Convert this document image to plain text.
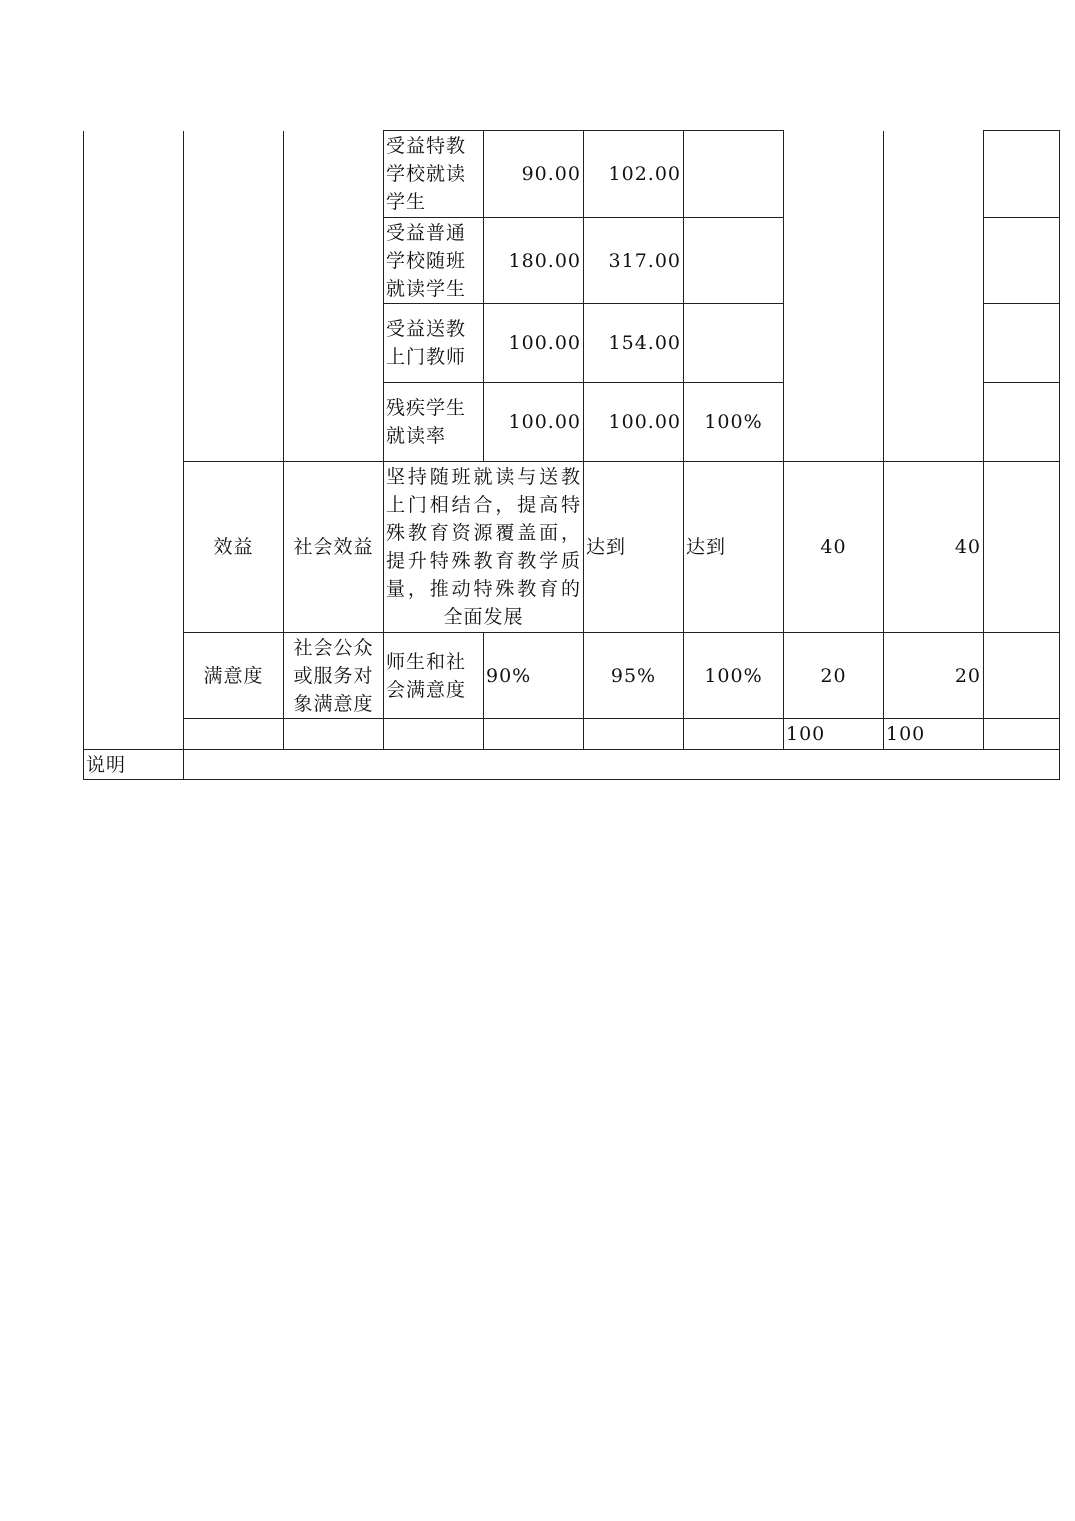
			受益特教学校就读学生	90.00	102.00				
			受益普通学校随班就读学生	180.00	317.00				
			受益送教上门教师	100.00	154.00				
			残疾学生就读率	100.00	100.00	100%			
	效益	社会效益	坚持随班就读与送教上门相结合，提高特殊教育资源覆盖面，提升特殊教育教学质量，推动特殊教育的全面发展		达到	达到	40	40	
	满意度	社会公众或服务对象满意度	师生和社会满意度	90%	95%	100%	20	20	
							100	100	
说明									
